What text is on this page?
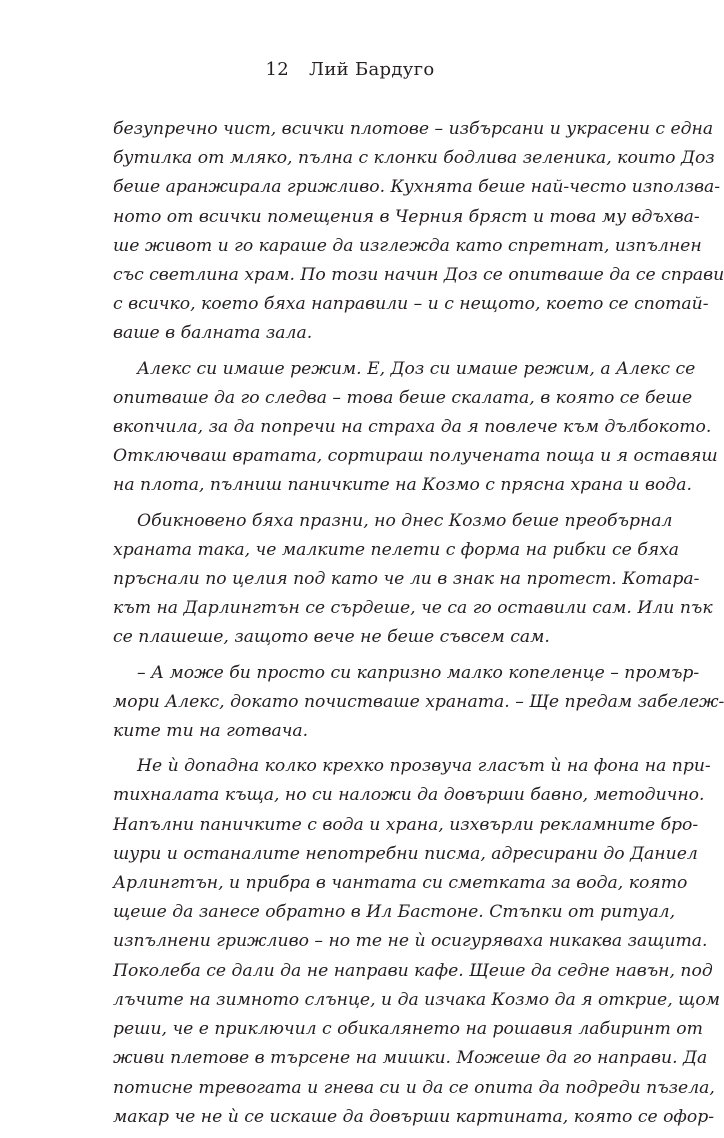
12 Лий Бардуго
безупречно чист, всички плотове – избърсани и украсени с една
бутилка от мляко, пълна с клонки бодлива зеленика, които Доз
беше аранжирала грижливо. Кухнята беше най-често използва-
ното от всички помещения в Черния бряст и това му вдъхва-
ше живот и го караше да изглежда като спретнат, изпълнен
със светлина храм. По този начин Доз се опитваше да се справи
с всичко, което бяха направили – и с нещото, което се спотай-
ваше в балната зала.
Алекс си имаше режим. Е, Доз си имаше режим, а Алекс се
опитваше да го следва – това беше скалата, в която се беше
вкопчила, за да попречи на страха да я повлече към дълбокото.
Отключваш вратата, сортираш получената поща и я оставяш
на плота, пълниш паничките на Козмо с прясна храна и вода.
Обикновено бяха празни, но днес Козмо беше преобърнал
храната така, че малките пелети с форма на рибки се бяха
пръснали по целия под като че ли в знак на протест. Котарa-
кът на Дарлингтън се сърдеше, че са го оставили сам. Или пък
се плашеше, защото вече не беше съвсем сам.
– А може би просто си капризно малко копеленце – промър-
мори Алекс, докато почистваше храната. – Ще предам забележ-
ките ти на готвача.
Не ѝ допадна колко крехко прозвуча гласът ѝ на фона на при-
тихналата къща, но си наложи да довърши бавно, методично.
Напълни паничките с вода и храна, изхвърли рекламните бро-
шури и останалите непотребни писма, адресирани до Даниел
Арлингтън, и прибра в чантата си сметката за вода, която
щеше да занесе обратно в Ил Бастоне. Стъпки от ритуал,
изпълнени грижливо – но те не ѝ осигуряваха никаква защита.
Поколеба се дали да не направи кафе. Щеше да седне навън, под
лъчите на зимното слънце, и да изчака Козмо да я открие, щом
реши, че е приключил с обикалянето на рошавия лабиринт от
живи плетове в търсене на мишки. Можеше да го направи. Да
потисне тревогата и гнева си и да се опита да подреди пъзела,
макар че не ѝ се искаше да довърши картината, която се офор-
